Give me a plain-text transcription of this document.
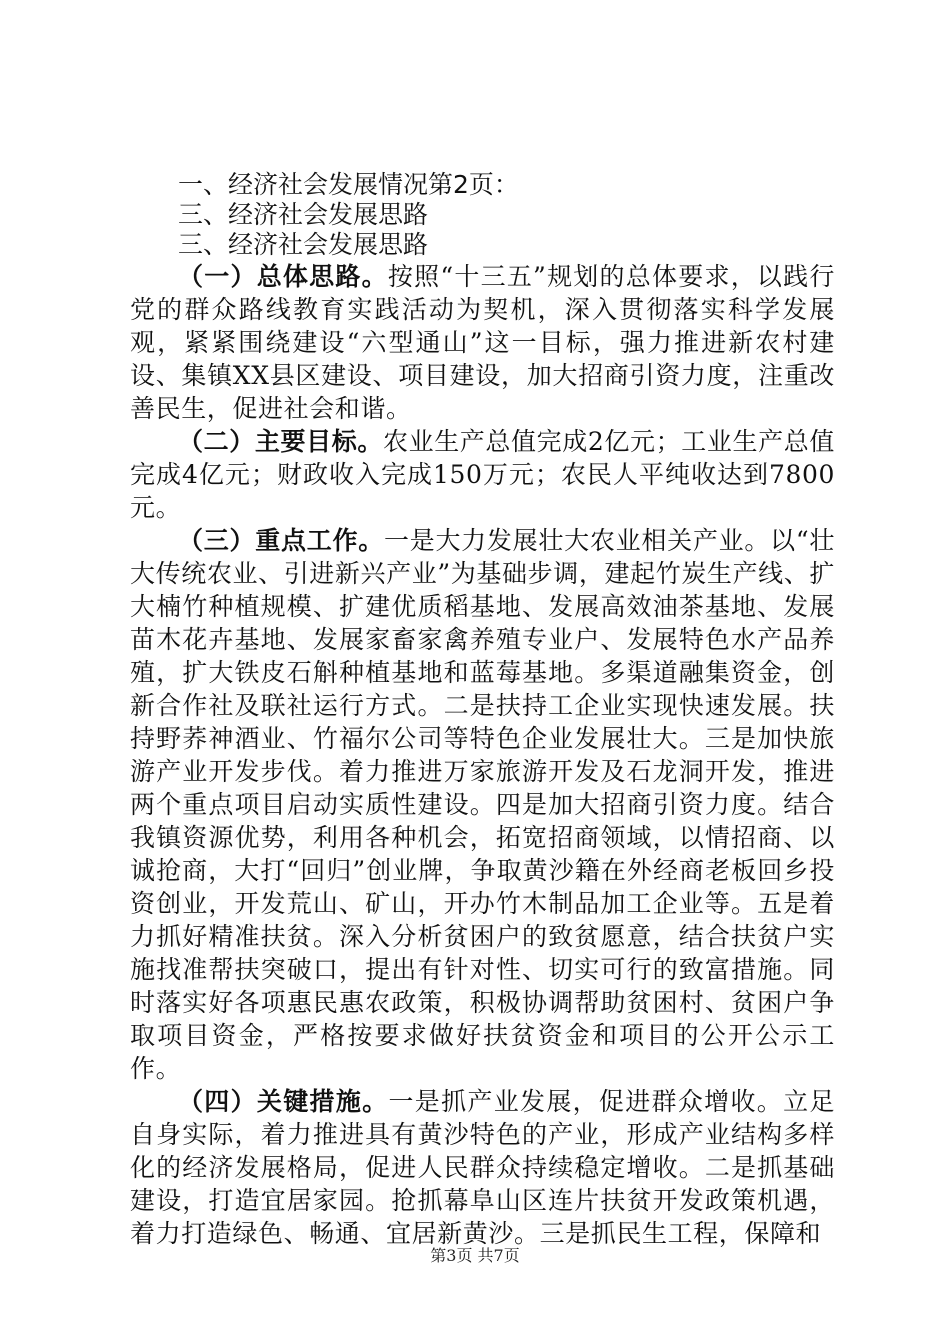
一、经济社会发展情况第2页：
三、经济社会发展思路
三、经济社会发展思路

（一）总体思路。按照“十三五”规划的总体要求，以践行党的群众路线教育实践活动为契机，深入贯彻落实科学发展观，紧紧围绕建设“六型通山”这一目标，强力推进新农村建设、集镇XX县区建设、项目建设，加大招商引资力度，注重改善民生，促进社会和谐。

（二）主要目标。农业生产总值完成2亿元；工业生产总值完成4亿元；财政收入完成150万元；农民人平纯收达到7800元。

（三）重点工作。一是大力发展壮大农业相关产业。以“壮大传统农业、引进新兴产业”为基础步调，建起竹炭生产线、扩大楠竹种植规模、扩建优质稻基地、发展高效油茶基地、发展苗木花卉基地、发展家畜家禽养殖专业户、发展特色水产品养殖，扩大铁皮石斛种植基地和蓝莓基地。多渠道融集资金，创新合作社及联社运行方式。二是扶持工企业实现快速发展。扶持野荞神酒业、竹福尔公司等特色企业发展壮大。三是加快旅游产业开发步伐。着力推进万家旅游开发及石龙洞开发，推进两个重点项目启动实质性建设。四是加大招商引资力度。结合我镇资源优势，利用各种机会，拓宽招商领域，以情招商、以诚抢商，大打“回归”创业牌，争取黄沙籍在外经商老板回乡投资创业，开发荒山、矿山，开办竹木制品加工企业等。五是着力抓好精准扶贫。深入分析贫困户的致贫愿意，结合扶贫户实施找准帮扶突破口，提出有针对性、切实可行的致富措施。同时落实好各项惠民惠农政策，积极协调帮助贫困村、贫困户争取项目资金，严格按要求做好扶贫资金和项目的公开公示工作。

（四）关键措施。一是抓产业发展，促进群众增收。立足自身实际，着力推进具有黄沙特色的产业，形成产业结构多样化的经济发展格局，促进人民群众持续稳定增收。二是抓基础建设，打造宜居家园。抢抓幕阜山区连片扶贫开发政策机遇，着力打造绿色、畅通、宜居新黄沙。三是抓民生工程，保障和

第3页 共7页
